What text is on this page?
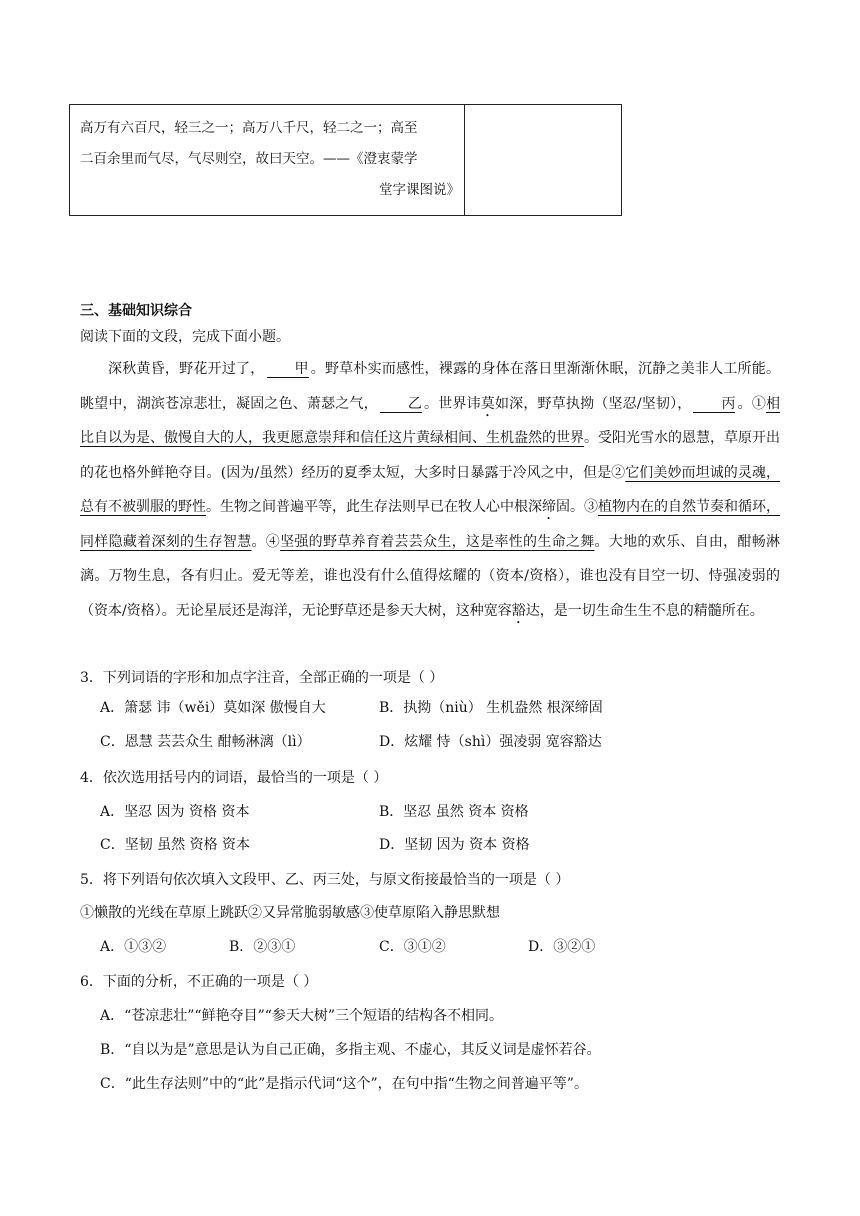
高万有六百尺，轻三之一；高万八千尺，轻二之一；高至
二百余里而气尽，气尽则空，故曰天空。——《澄衷蒙学
堂字课图说》
三、基础知识综合
阅读下面的文段，完成下面小题。

深秋黄昏，野花开过了， 甲 。野草朴实而感性，裸露的身体在落日里渐渐休眠，沉静之美非人工所能。眺望中，湖滨苍凉悲壮，凝固之色、萧瑟之气， 乙 。世界讳莫如深，野草执拗（坚忍/坚韧）， 丙 。①相比自以为是、傲慢自大的人，我更愿意崇拜和信任这片黄绿相间、生机盎然的世界。受阳光雪水的恩慧，草原开出的花也格外鲜艳夺目。(因为/虽然）经历的夏季太短，大多时日暴露于冷风之中，但是②它们美妙而坦诚的灵魂，总有不被驯服的野性。生物之间普遍平等，此生存法则早已在牧人心中根深缔固。③植物内在的自然节奏和循环，同样隐藏着深刻的生存智慧。④坚强的野草养育着芸芸众生，这是率性的生命之舞。大地的欢乐、自由，酣畅淋漓。万物生息，各有归止。爱无等差，谁也没有什么值得炫耀的（资本/资格），谁也没有目空一切、恃强凌弱的（资本/资格）。无论星辰还是海洋，无论野草还是参天大树，这种宽容豁达，是一切生命生生不息的精髓所在。

3．下列词语的字形和加点字注音，全部正确的一项是（ ）
A．箫瑟 讳（wěi）莫如深 傲慢自大	B．执拗（niù） 生机盎然 根深缔固
C．恩慧 芸芸众生 酣畅淋漓（lì）	D．炫耀 恃（shì）强凌弱 宽容豁达
4．依次选用括号内的词语，最恰当的一项是（ ）
A．坚忍 因为 资格 资本	B．坚忍 虽然 资本 资格
C．坚韧 虽然 资格 资本	D．坚韧 因为 资本 资格
5．将下列语句依次填入文段甲、乙、丙三处，与原文衔接最恰当的一项是（ ）
①懒散的光线在草原上跳跃②又异常脆弱敏感③使草原陷入静思默想
A．①③②	B．②③①	C．③①②	D．③②①
6．下面的分析，不正确的一项是（ ）
A．“苍凉悲壮”“鲜艳夺目”“参天大树”三个短语的结构各不相同。
B．“自以为是”意思是认为自己正确，多指主观、不虚心，其反义词是虚怀若谷。
C．“此生存法则”中的“此”是指示代词“这个”，在句中指“生物之间普遍平等”。
